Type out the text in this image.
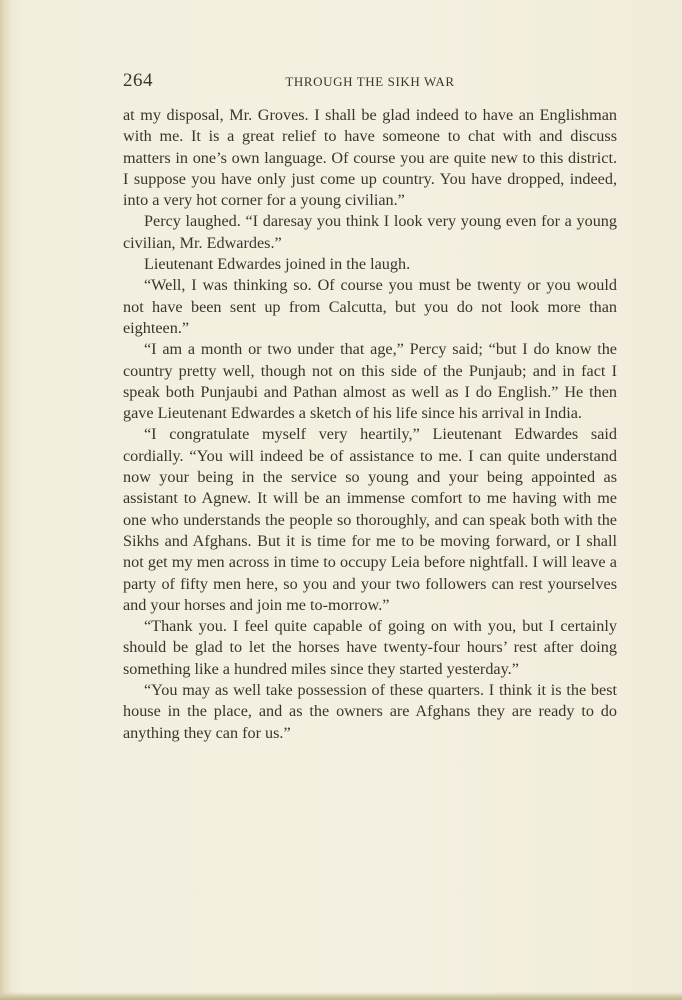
264	THROUGH THE SIKH WAR

at my disposal, Mr. Groves. I shall be glad indeed to have an Englishman with me. It is a great relief to have someone to chat with and discuss matters in one’s own language. Of course you are quite new to this district. I suppose you have only just come up country. You have dropped, indeed, into a very hot corner for a young civilian.”

Percy laughed. “I daresay you think I look very young even for a young civilian, Mr. Edwardes.”

Lieutenant Edwardes joined in the laugh.

“Well, I was thinking so. Of course you must be twenty or you would not have been sent up from Calcutta, but you do not look more than eighteen.”

“I am a month or two under that age,” Percy said; “but I do know the country pretty well, though not on this side of the Punjaub; and in fact I speak both Punjaubi and Pathan almost as well as I do English.” He then gave Lieutenant Edwardes a sketch of his life since his arrival in India.

“I congratulate myself very heartily,” Lieutenant Edwardes said cordially. “You will indeed be of assistance to me. I can quite understand now your being in the service so young and your being appointed as assistant to Agnew. It will be an immense comfort to me having with me one who understands the people so thoroughly, and can speak both with the Sikhs and Afghans. But it is time for me to be moving forward, or I shall not get my men across in time to occupy Leia before nightfall. I will leave a party of fifty men here, so you and your two followers can rest yourselves and your horses and join me to-morrow.”

“Thank you. I feel quite capable of going on with you, but I certainly should be glad to let the horses have twenty-four hours’ rest after doing something like a hundred miles since they started yesterday.”

“You may as well take possession of these quarters. I think it is the best house in the place, and as the owners are Afghans they are ready to do anything they can for us.”
